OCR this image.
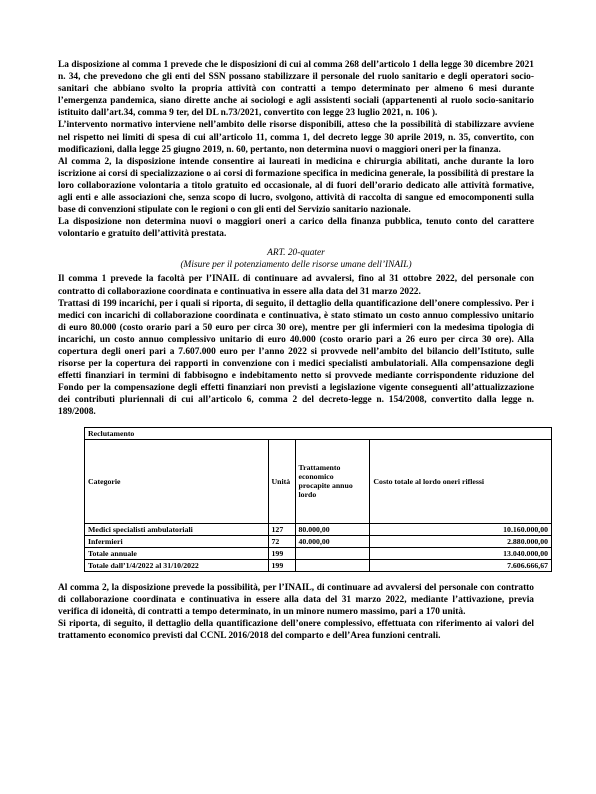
La disposizione al comma 1 prevede che le disposizioni di cui al comma 268 dell’articolo 1 della legge 30 dicembre 2021 n. 34, che prevedono che gli enti del SSN possano stabilizzare il personale del ruolo sanitario e degli operatori socio-sanitari che abbiano svolto la propria attività con contratti a tempo determinato per almeno 6 mesi durante l’emergenza pandemica, siano dirette anche ai sociologi e agli assistenti sociali (appartenenti al ruolo socio-sanitario istituito dall’art.34, comma 9 ter, del DL n.73/2021, convertito con legge 23 luglio 2021, n. 106 ).

L’intervento normativo interviene nell’ambito delle risorse disponibili, atteso che la possibilità di stabilizzare avviene nel rispetto nei limiti di spesa di cui all’articolo 11, comma 1, del decreto legge 30 aprile 2019, n. 35, convertito, con modificazioni, dalla legge 25 giugno 2019, n. 60, pertanto, non determina nuovi o maggiori oneri per la finanza.

Al comma 2, la disposizione intende consentire ai laureati in medicina e chirurgia abilitati, anche durante la loro iscrizione ai corsi di specializzazione o ai corsi di formazione specifica in medicina generale, la possibilità di prestare la loro collaborazione volontaria a titolo gratuito ed occasionale, al di fuori dell’orario dedicato alle attività formative, agli enti e alle associazioni che, senza scopo di lucro, svolgono, attività di raccolta di sangue ed emocomponenti sulla base di convenzioni stipulate con le regioni o con gli enti del Servizio sanitario nazionale.

La disposizione non determina nuovi o maggiori oneri a carico della finanza pubblica, tenuto conto del carattere volontario e gratuito dell’attività prestata.

ART. 20-quater

(Misure per il potenziamento delle risorse umane dell’INAIL)

Il comma 1 prevede la facoltà per l’INAIL di continuare ad avvalersi, fino al 31 ottobre 2022, del personale con contratto di collaborazione coordinata e continuativa in essere alla data del 31 marzo 2022.

Trattasi di 199 incarichi, per i quali si riporta, di seguito, il dettaglio della quantificazione dell’onere complessivo. Per i medici con incarichi di collaborazione coordinata e continuativa, è stato stimato un costo annuo complessivo unitario di euro 80.000 (costo orario pari a 50 euro per circa 30 ore), mentre per gli infermieri con la medesima tipologia di incarichi, un costo annuo complessivo unitario di euro 40.000 (costo orario pari a 26 euro per circa 30 ore). Alla copertura degli oneri pari a 7.607.000 euro per l’anno 2022 si provvede nell’ambito del bilancio dell’Istituto, sulle risorse per la copertura dei rapporti in convenzione con i medici specialisti ambulatoriali. Alla compensazione degli effetti finanziari in termini di fabbisogno e indebitamento netto si provvede mediante corrispondente riduzione del Fondo per la compensazione degli effetti finanziari non previsti a legislazione vigente conseguenti all’attualizzazione dei contributi pluriennali di cui all’articolo 6, comma 2 del decreto-legge n. 154/2008, convertito dalla legge n. 189/2008.

Reclutamento			
Categorie	Unità	Trattamento economico procapite annuo lordo	Costo totale al lordo oneri riflessi
Medici specialisti ambulatoriali	127	80.000,00	10.160.000,00
Infermieri	72	40.000,00	2.880.000,00
Totale annuale	199		13.040.000,00
Totale dall’1/4/2022 al 31/10/2022	199		7.606.666,67

Al comma 2, la disposizione prevede la possibilità, per l’INAIL, di continuare ad avvalersi del personale con contratto di collaborazione coordinata e continuativa in essere alla data del 31 marzo 2022, mediante l’attivazione, previa verifica di idoneità, di contratti a tempo determinato, in un minore numero massimo, pari a 170 unità.

Si riporta, di seguito, il dettaglio della quantificazione dell’onere complessivo, effettuata con riferimento ai valori del trattamento economico previsti dal CCNL 2016/2018 del comparto e dell’Area funzioni centrali.
